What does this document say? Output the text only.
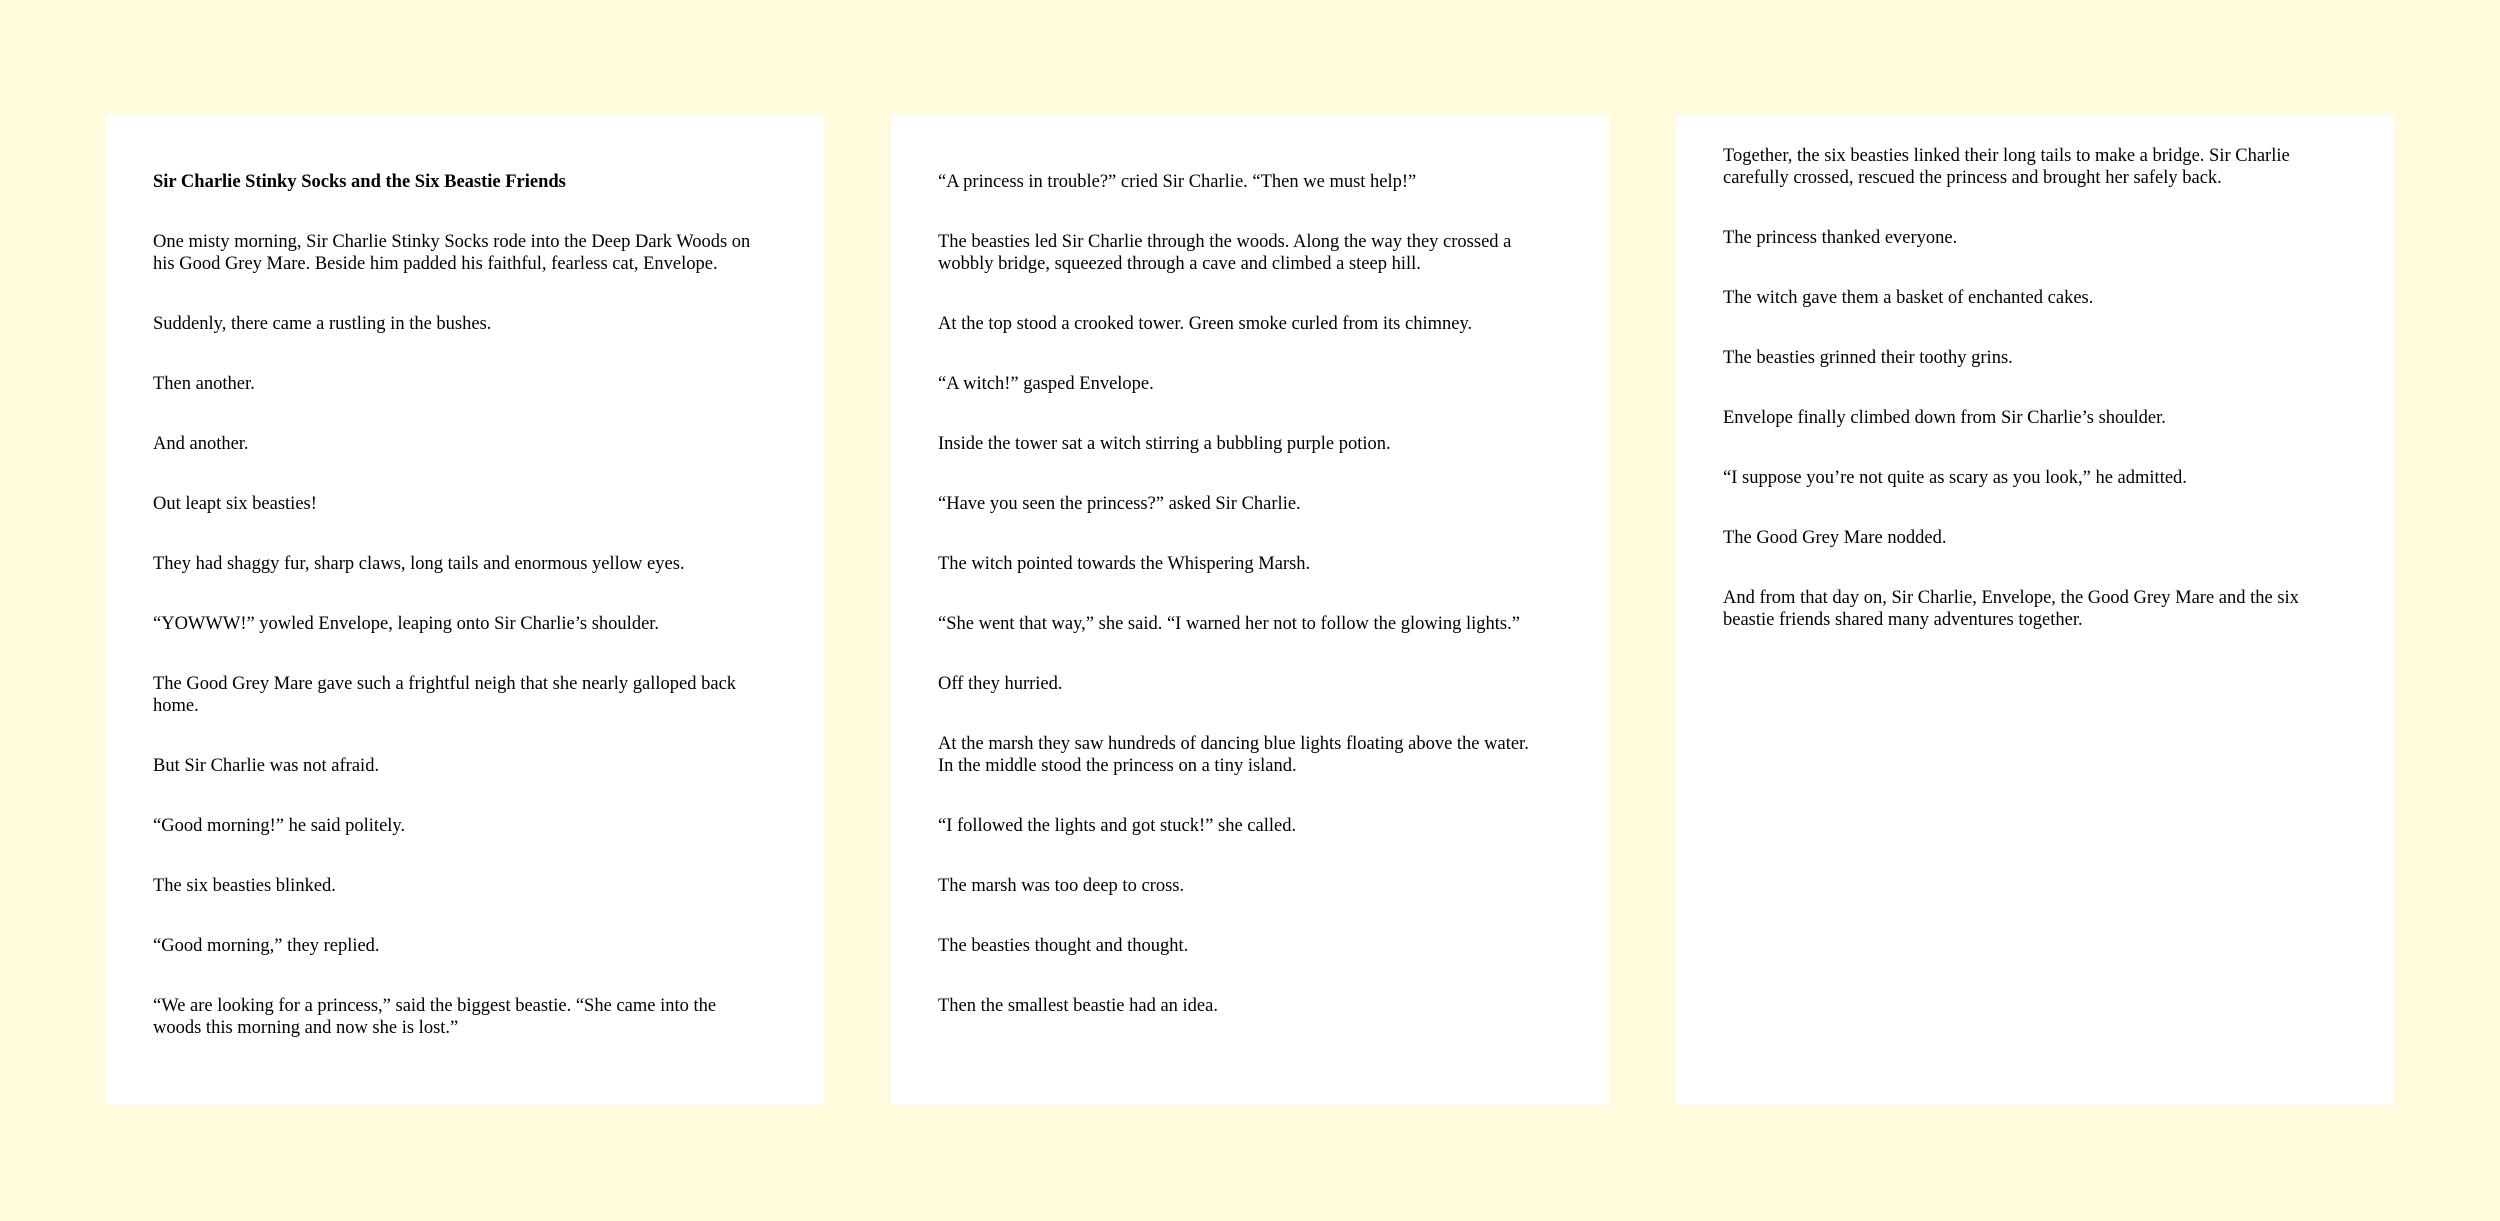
Sir Charlie Stinky Socks and the Six Beastie Friends

One misty morning, Sir Charlie Stinky Socks rode into the Deep Dark Woods on his Good Grey Mare. Beside him padded his faithful, fearless cat, Envelope.

Suddenly, there came a rustling in the bushes.

Then another.

And another.

Out leapt six beasties!

They had shaggy fur, sharp claws, long tails and enormous yellow eyes.

“YOWWW!” yowled Envelope, leaping onto Sir Charlie’s shoulder.

The Good Grey Mare gave such a frightful neigh that she nearly galloped back home.

But Sir Charlie was not afraid.

“Good morning!” he said politely.

The six beasties blinked.

“Good morning,” they replied.

“We are looking for a princess,” said the biggest beastie. “She came into the woods this morning and now she is lost.”

“A princess in trouble?” cried Sir Charlie. “Then we must help!”

The beasties led Sir Charlie through the woods. Along the way they crossed a wobbly bridge, squeezed through a cave and climbed a steep hill.

At the top stood a crooked tower. Green smoke curled from its chimney.

“A witch!” gasped Envelope.

Inside the tower sat a witch stirring a bubbling purple potion.

“Have you seen the princess?” asked Sir Charlie.

The witch pointed towards the Whispering Marsh.

“She went that way,” she said. “I warned her not to follow the glowing lights.”

Off they hurried.

At the marsh they saw hundreds of dancing blue lights floating above the water. In the middle stood the princess on a tiny island.

“I followed the lights and got stuck!” she called.

The marsh was too deep to cross.

The beasties thought and thought.

Then the smallest beastie had an idea.

Together, the six beasties linked their long tails to make a bridge. Sir Charlie carefully crossed, rescued the princess and brought her safely back.

The princess thanked everyone.

The witch gave them a basket of enchanted cakes.

The beasties grinned their toothy grins.

Envelope finally climbed down from Sir Charlie’s shoulder.

“I suppose you’re not quite as scary as you look,” he admitted.

The Good Grey Mare nodded.

And from that day on, Sir Charlie, Envelope, the Good Grey Mare and the six beastie friends shared many adventures together.
